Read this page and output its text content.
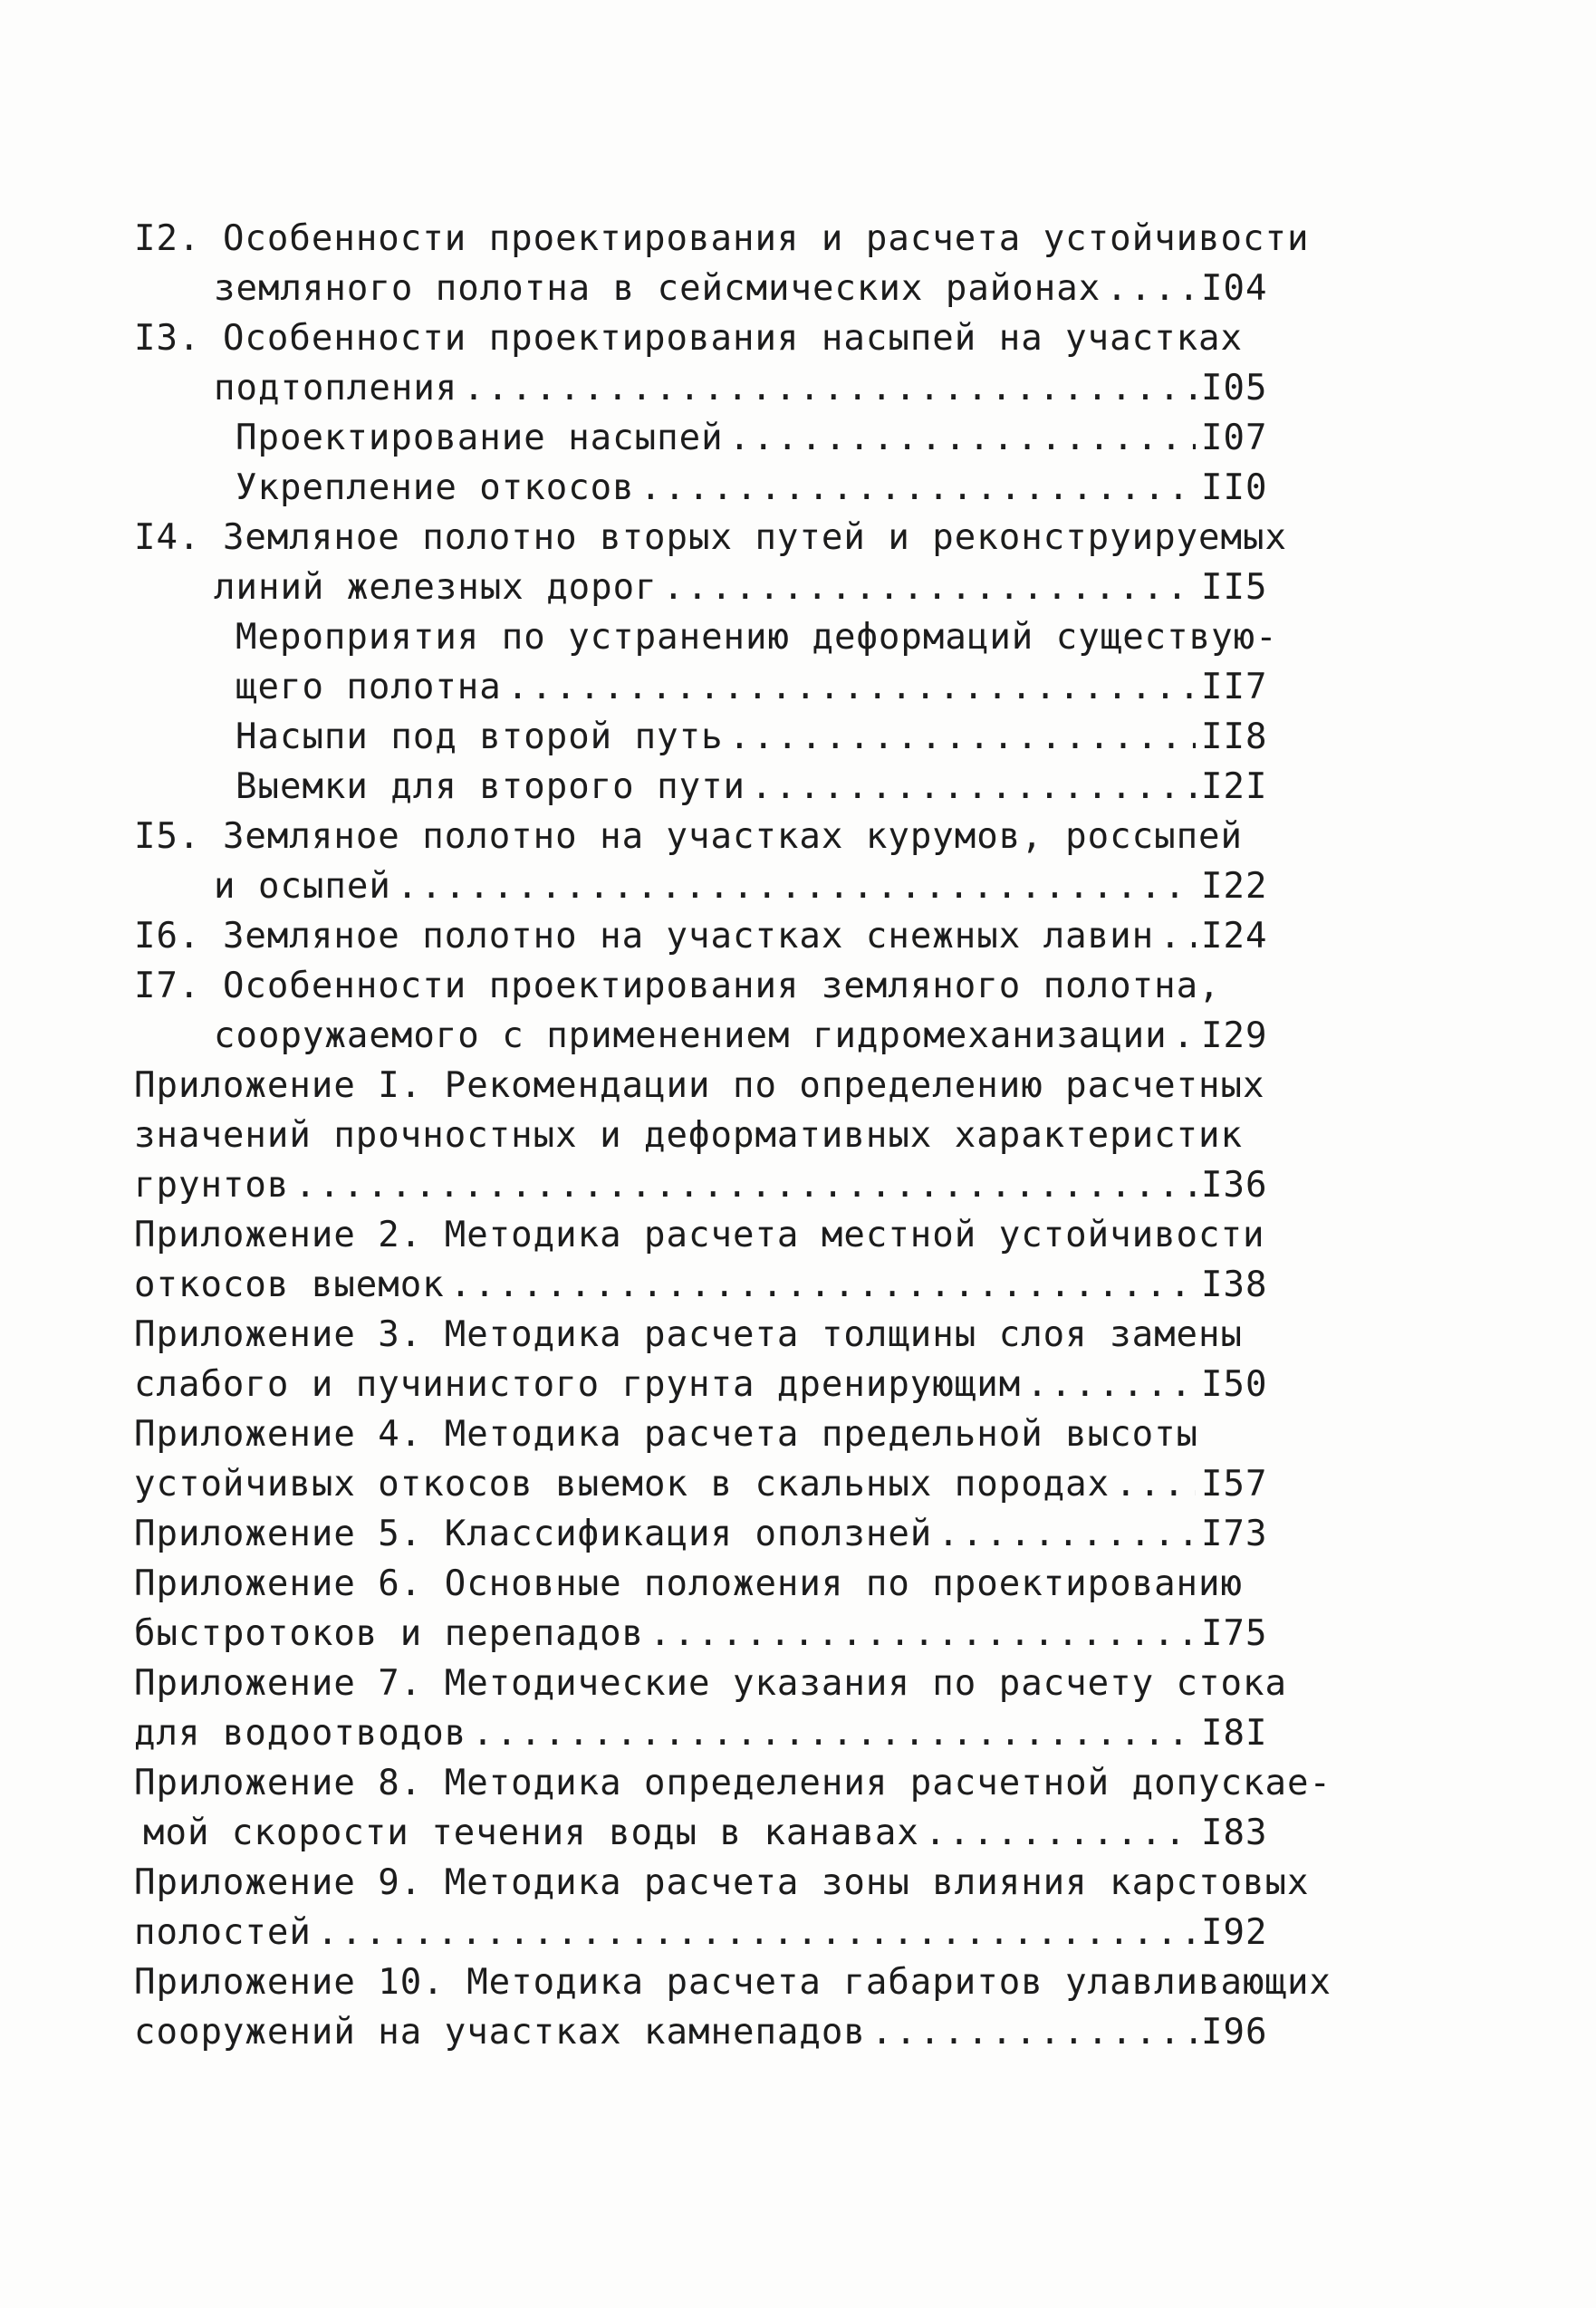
I2. Особенности проектирования и расчета устойчивости
земляного полотна в сейсмических районах .....	I04
I3. Особенности проектирования насыпей на участках
подтопления .....	I05
Проектирование насыпей .....	I07
Укрепление откосов .....	II0
I4. Земляное полотно вторых путей и реконструируемых
линий железных дорог .....	II5
Мероприятия по устранению деформаций существую-
щего полотна .....	II7
Насыпи под второй путь .....	II8
Выемки для второго пути .....	I2I
I5. Земляное полотно на участках курумов, россыпей
и осыпей .....	I22
I6.
Земляное полотно на участках снежных лавин ..... I24
I7. Особенности проектирования земляного полотна,
сооружаемого с применением гидромеханизации ..... I29
Приложение I. Рекомендации по определению расчетных
значений прочностных и деформативных характеристик
грунтов .....	I36
Приложение 2. Методика расчета местной устойчивости
откосов выемок .....	I38
Приложение 3. Методика расчета толщины слоя замены
слабого и пучинистого грунта дренирующим .....	I50
Приложение 4. Методика расчета предельной высоты
устойчивых откосов выемок в скальных породах .....	I57
Приложение 5. Классификация оползней .....	I73
Приложение 6. Основные положения по проектированию
быстротоков и перепадов .....	I75
Приложение 7. Методические указания по расчету стока
для водоотводов .....	I8I
Приложение 8. Методика определения расчетной допускае-
мой скорости течения воды в канавах .....	I83
Приложение 9. Методика расчета зоны влияния карстовых
полостей .....	I92
Приложение 10. Методика расчета габаритов улавливающих
сооружений на участках камнепадов .....	I96
